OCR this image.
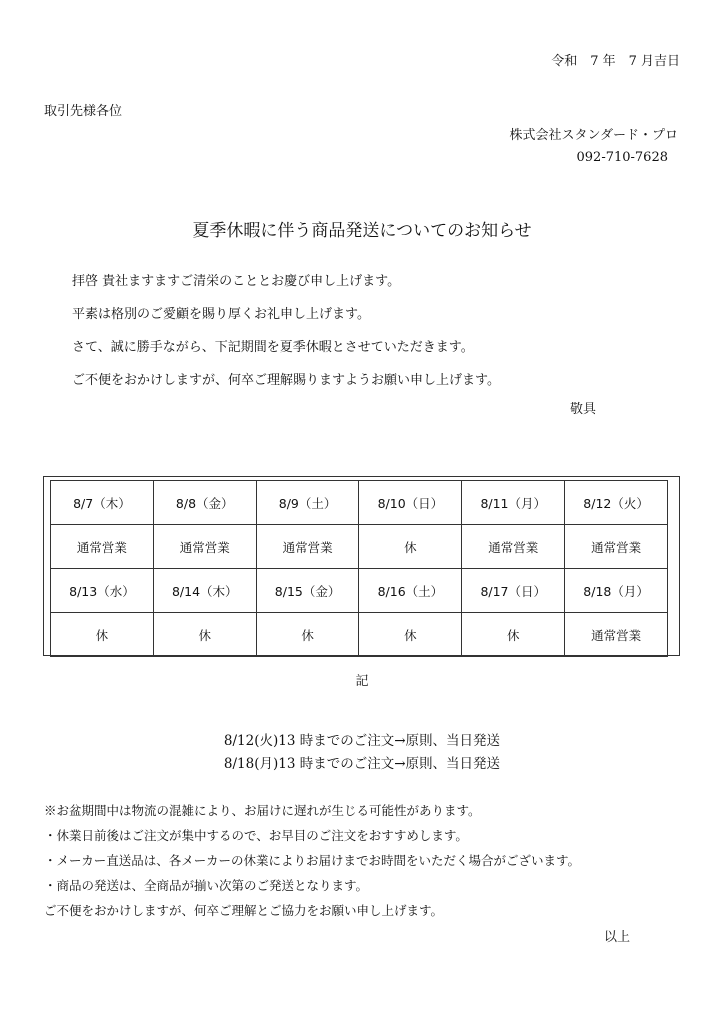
令和　7 年　7 月吉日
取引先様各位
株式会社スタンダード・プロ
092-710-7628
夏季休暇に伴う商品発送についてのお知らせ
拝啓 貴社ますますご清栄のこととお慶び申し上げます。
平素は格別のご愛顧を賜り厚くお礼申し上げます。
さて、誠に勝手ながら、下記期間を夏季休暇とさせていただきます。
ご不便をおかけしますが、何卒ご理解賜りますようお願い申し上げます。
敬具
8/7（木）	8/8（金）	8/9（土）	8/10（日）	8/11（月）	8/12（火）
通常営業	通常営業	通常営業	休	通常営業	通常営業
8/13（水）	8/14（木）	8/15（金）	8/16（土）	8/17（日）	8/18（月）
休	休	休	休	休	通常営業
記
8/12(火)13 時までのご注文→原則、当日発送
8/18(月)13 時までのご注文→原則、当日発送
※お盆期間中は物流の混雑により、お届けに遅れが生じる可能性があります。
・休業日前後はご注文が集中するので、お早目のご注文をおすすめします。
・メーカー直送品は、各メーカーの休業によりお届けまでお時間をいただく場合がございます。
・商品の発送は、全商品が揃い次第のご発送となります。
ご不便をおかけしますが、何卒ご理解とご協力をお願い申し上げます。
以上
